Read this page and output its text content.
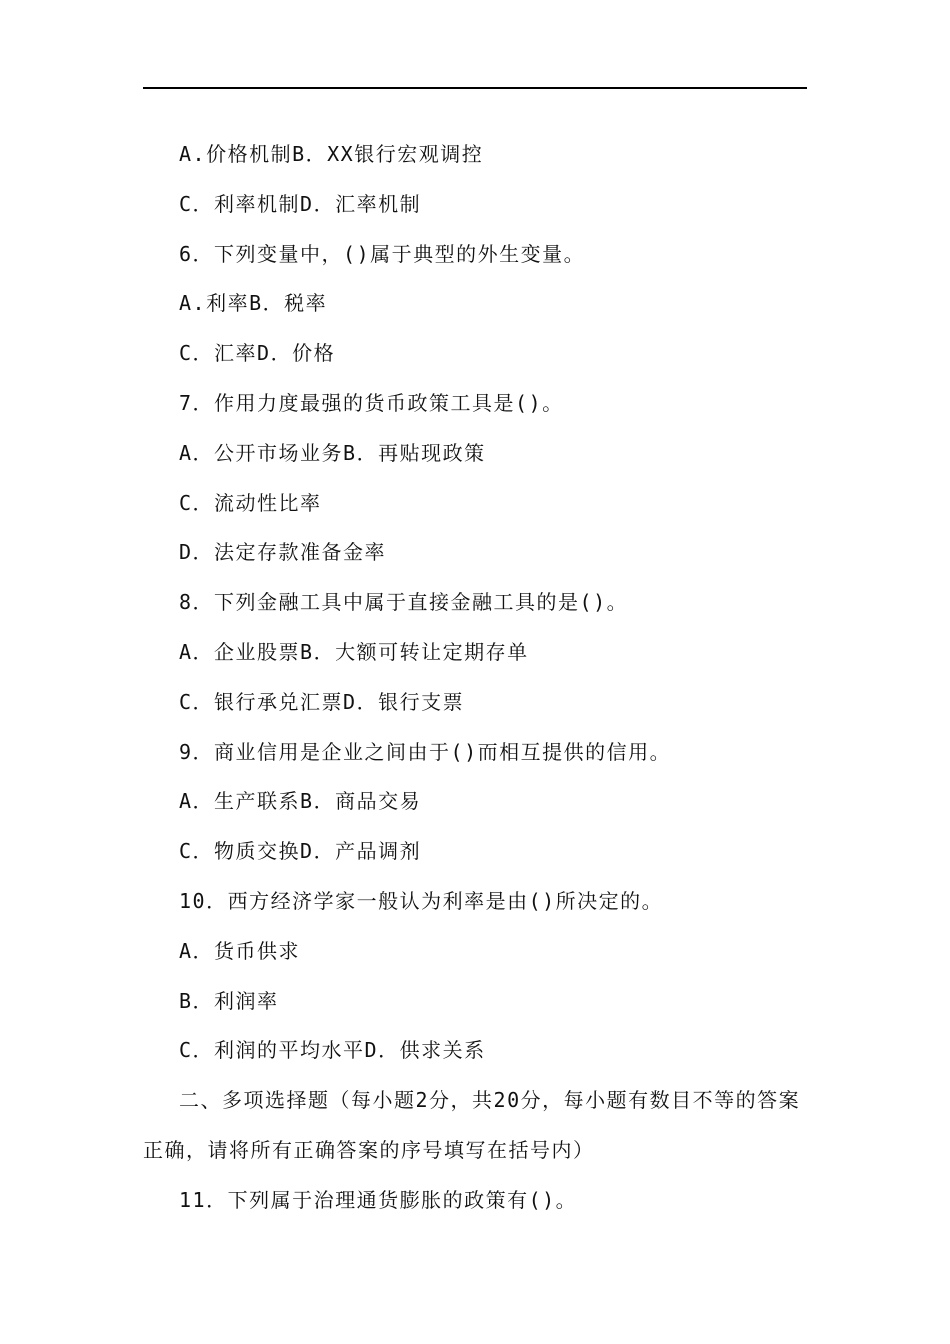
A.价格机制B．XX银行宏观调控
C．利率机制D．汇率机制
6．下列变量中，()属于典型的外生变量。
A.利率B．税率
C．汇率D．价格
7．作用力度最强的货币政策工具是()。
A．公开市场业务B．再贴现政策
C．流动性比率
D．法定存款准备金率
8．下列金融工具中属于直接金融工具的是()。
A．企业股票B．大额可转让定期存单
C．银行承兑汇票D．银行支票
9．商业信用是企业之间由于()而相互提供的信用。
A．生产联系B．商品交易
C．物质交换D．产品调剂
10．西方经济学家一般认为利率是由()所决定的。
A．货币供求
B．利润率
C．利润的平均水平D．供求关系
二、多项选择题（每小题2分，共20分，每小题有数目不等的答案正确，请将所有正确答案的序号填写在括号内）
11．下列属于治理通货膨胀的政策有()。
